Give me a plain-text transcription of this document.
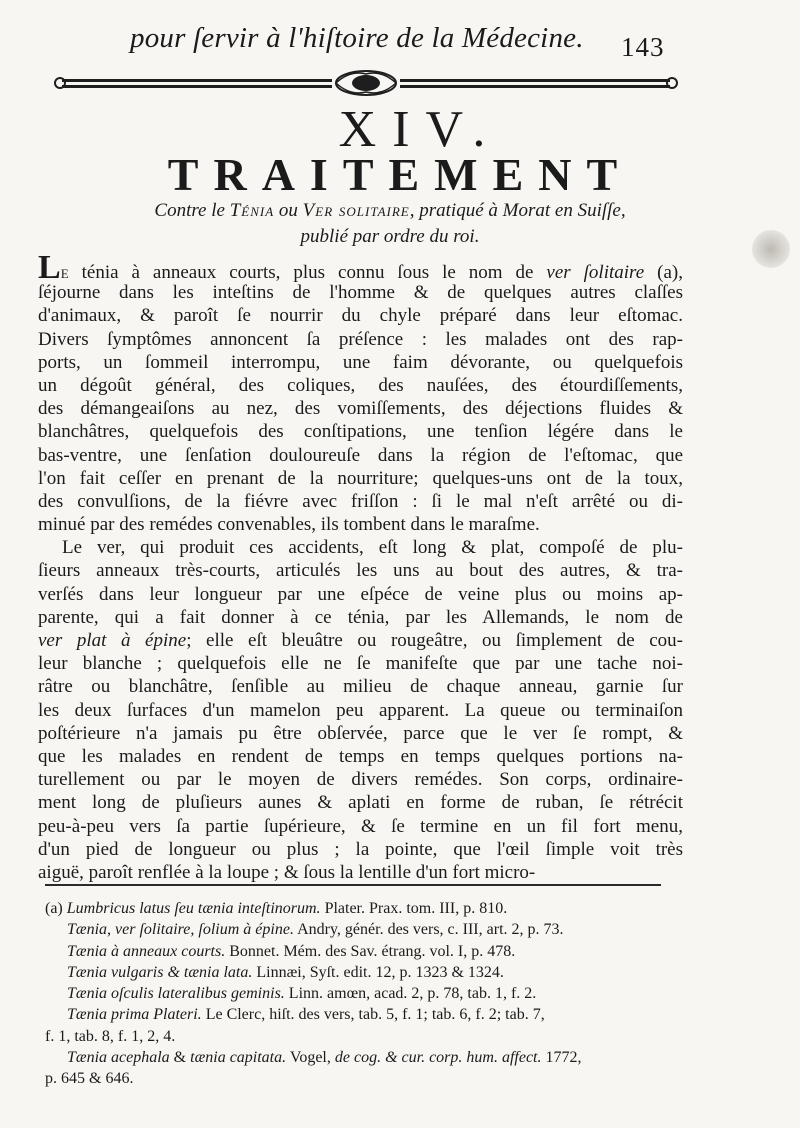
pour ſervir à l'hiſtoire de la Médecine. 143
XIV.
TRAITEMENT
Contre le Ténia ou Ver solitaire, pratiqué à Morat en Suiſſe,
publié par ordre du roi.
Le ténia à anneaux courts, plus connu ſous le nom de ver ſolitaire (a),
ſéjourne dans les inteſtins de l'homme & de quelques autres claſſes
d'animaux, & paroît ſe nourrir du chyle préparé dans leur eſtomac.
Divers ſymptômes annoncent ſa préſence : les malades ont des rap-
ports, un ſommeil interrompu, une faim dévorante, ou quelquefois
un dégoût général, des coliques, des nauſées, des étourdiſſements,
des démangeaiſons au nez, des vomiſſements, des déjections fluides &
blanchâtres, quelquefois des conſtipations, une tenſion légére dans le
bas-ventre, une ſenſation douloureuſe dans la région de l'eſtomac, que
l'on fait ceſſer en prenant de la nourriture; quelques-uns ont de la toux,
des convulſions, de la fiévre avec friſſon : ſi le mal n'eſt arrêté ou di-
minué par des remédes convenables, ils tombent dans le maraſme.
Le ver, qui produit ces accidents, eſt long & plat, compoſé de plu-
ſieurs anneaux très-courts, articulés les uns au bout des autres, & tra-
verſés dans leur longueur par une eſpéce de veine plus ou moins ap-
parente, qui a fait donner à ce ténia, par les Allemands, le nom de
ver plat à épine; elle eſt bleuâtre ou rougeâtre, ou ſimplement de cou-
leur blanche ; quelquefois elle ne ſe manifeſte que par une tache noi-
râtre ou blanchâtre, ſenſible au milieu de chaque anneau, garnie ſur
les deux ſurfaces d'un mamelon peu apparent. La queue ou terminaiſon
poſtérieure n'a jamais pu être obſervée, parce que le ver ſe rompt, &
que les malades en rendent de temps en temps quelques portions na-
turellement ou par le moyen de divers remédes. Son corps, ordinaire-
ment long de pluſieurs aunes & aplati en forme de ruban, ſe rétrécit
peu-à-peu vers ſa partie ſupérieure, & ſe termine en un fil fort menu,
d'un pied de longueur ou plus ; la pointe, que l'œil ſimple voit très
aiguë, paroît renflée à la loupe ; & ſous la lentille d'un fort micro-
(a) Lumbricus latus ſeu tænia inteſtinorum. Plater. Prax. tom. III, p. 810.
Tænia, ver ſolitaire, ſolium à épine. Andry, génér. des vers, c. III, art. 2, p. 73.
Tænia à anneaux courts. Bonnet. Mém. des Sav. étrang. vol. I, p. 478.
Tænia vulgaris & tænia lata. Linnæi, Syſt. edit. 12, p. 1323 & 1324.
Tænia oſculis lateralibus geminis. Linn. amœn, acad. 2, p. 78, tab. 1, f. 2.
Tænia prima Plateri. Le Clerc, hiſt. des vers, tab. 5, f. 1; tab. 6, f. 2; tab. 7,
f. 1, tab. 8, f. 1, 2, 4.
Tænia acephala & tænia capitata. Vogel, de cog. & cur. corp. hum. affect. 1772,
p. 645 & 646.
